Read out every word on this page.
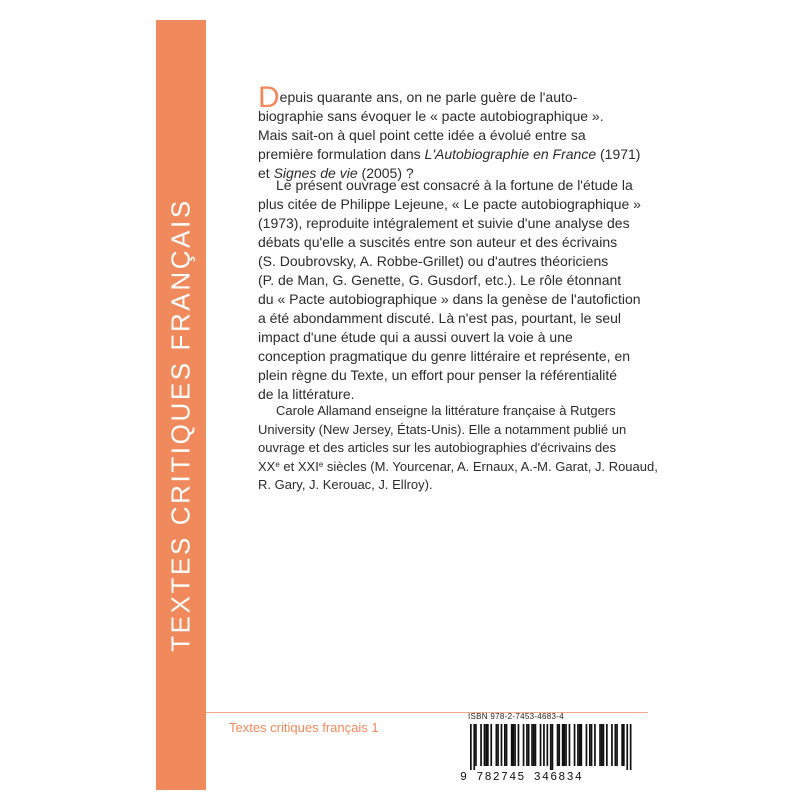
TEXTES CRITIQUES FRANÇAIS
Depuis quarante ans, on ne parle guère de l'auto-
biographie sans évoquer le « pacte autobiographique ».
Mais sait-on à quel point cette idée a évolué entre sa
première formulation dans L'Autobiographie en France (1971)
et Signes de vie (2005) ?
Le présent ouvrage est consacré à la fortune de l'étude la
plus citée de Philippe Lejeune, « Le pacte autobiographique »
(1973), reproduite intégralement et suivie d'une analyse des
débats qu'elle a suscités entre son auteur et des écrivains
(S. Doubrovsky, A. Robbe-Grillet) ou d'autres théoriciens
(P. de Man, G. Genette, G. Gusdorf, etc.). Le rôle étonnant
du « Pacte autobiographique » dans la genèse de l'autofiction
a été abondamment discuté. Là n'est pas, pourtant, le seul
impact d'une étude qui a aussi ouvert la voie à une
conception pragmatique du genre littéraire et représente, en
plein règne du Texte, un effort pour penser la référentialité
de la littérature.
Carole Allamand enseigne la littérature française à Rutgers
University (New Jersey, États-Unis). Elle a notamment publié un
ouvrage et des articles sur les autobiographies d'écrivains des
XXe et XXIe siècles (M. Yourcenar, A. Ernaux, A.-M. Garat, J. Rouaud,
R. Gary, J. Kerouac, J. Ellroy).
Textes critiques français 1
ISBN 978-2-7453-4683-4
9 782745 346834
